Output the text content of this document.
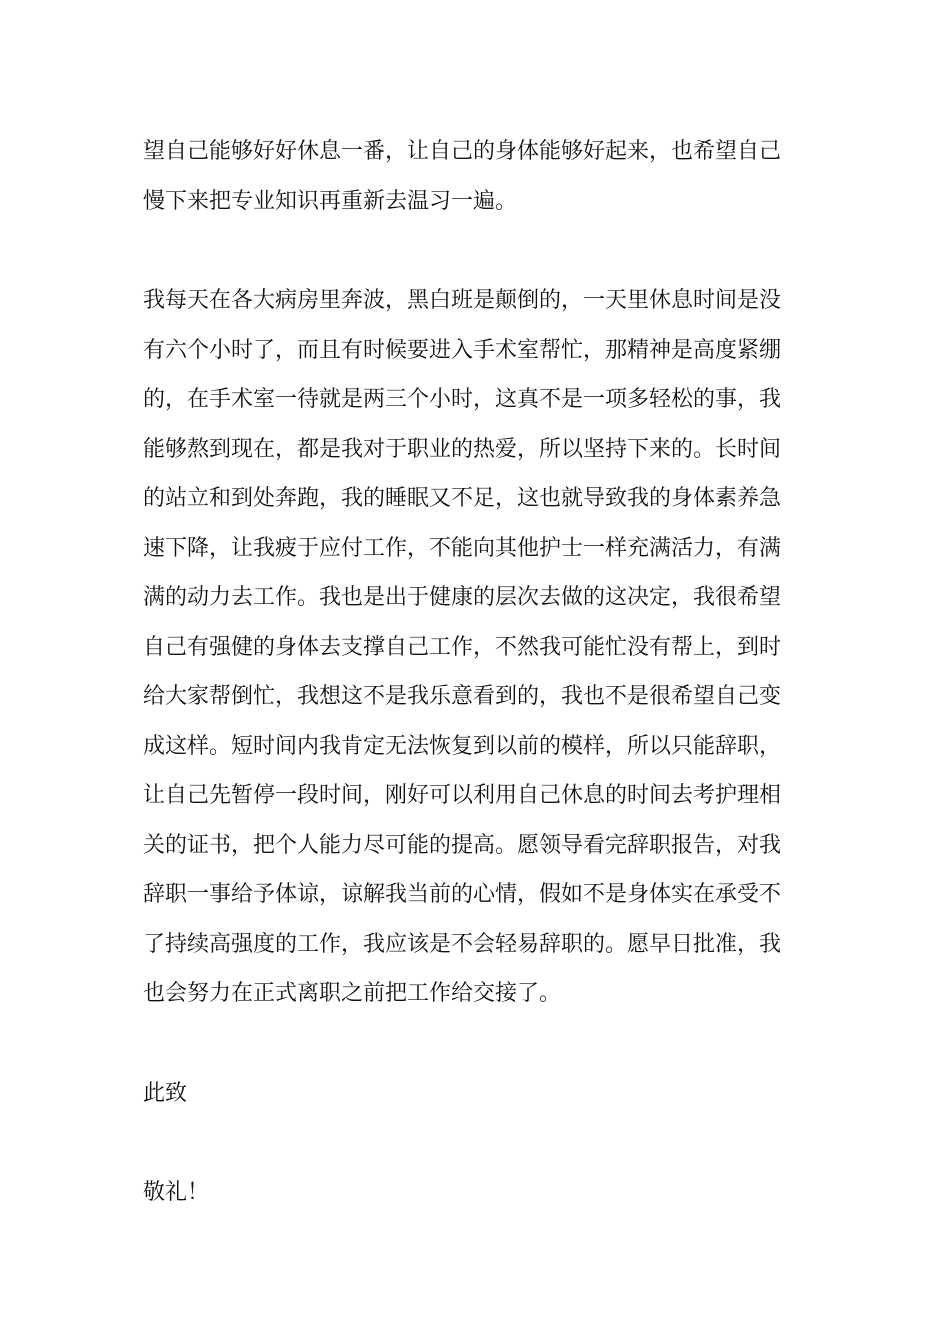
望自己能够好好休息一番，让自己的身体能够好起来，也希望自己
慢下来把专业知识再重新去温习一遍。
我每天在各大病房里奔波，黑白班是颠倒的，一天里休息时间是没
有六个小时了，而且有时候要进入手术室帮忙，那精神是高度紧绷
的，在手术室一待就是两三个小时，这真不是一项多轻松的事，我
能够熬到现在，都是我对于职业的热爱，所以坚持下来的。长时间
的站立和到处奔跑，我的睡眠又不足，这也就导致我的身体素养急
速下降，让我疲于应付工作，不能向其他护士一样充满活力，有满
满的动力去工作。我也是出于健康的层次去做的这决定，我很希望
自己有强健的身体去支撑自己工作，不然我可能忙没有帮上，到时
给大家帮倒忙，我想这不是我乐意看到的，我也不是很希望自己变
成这样。短时间内我肯定无法恢复到以前的模样，所以只能辞职，
让自己先暂停一段时间，刚好可以利用自己休息的时间去考护理相
关的证书，把个人能力尽可能的提高。愿领导看完辞职报告，对我
辞职一事给予体谅，谅解我当前的心情，假如不是身体实在承受不
了持续高强度的工作，我应该是不会轻易辞职的。愿早日批准，我
也会努力在正式离职之前把工作给交接了。
此致
敬礼！
